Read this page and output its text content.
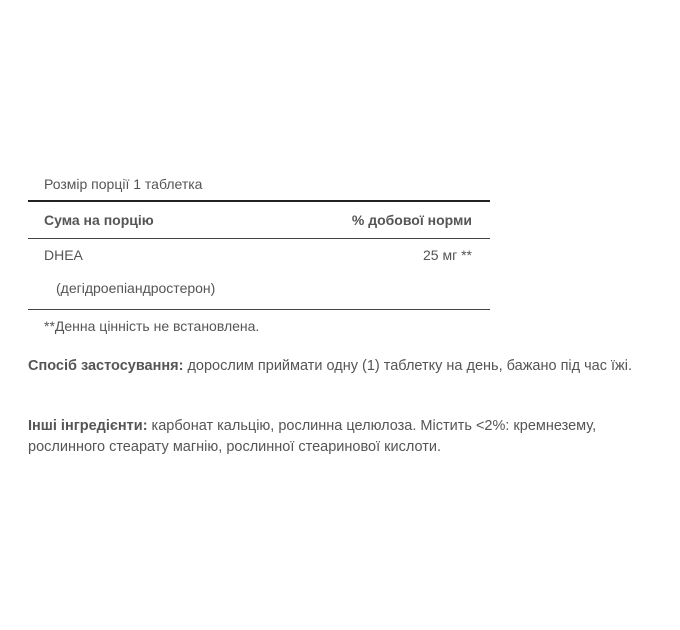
Розмір порції 1 таблетка
Сума на порцію	% добової норми
DHEA	25 мг **
(дегідроепіандростерон)
**Денна цінність не встановлена.
Спосіб застосування: дорослим приймати одну (1) таблетку на день, бажано під час їжі.
Інші інгредієнти: карбонат кальцію, рослинна целюлоза. Містить <2%: кремнезему, рослинного стеарату магнію, рослинної стеаринової кислоти.
